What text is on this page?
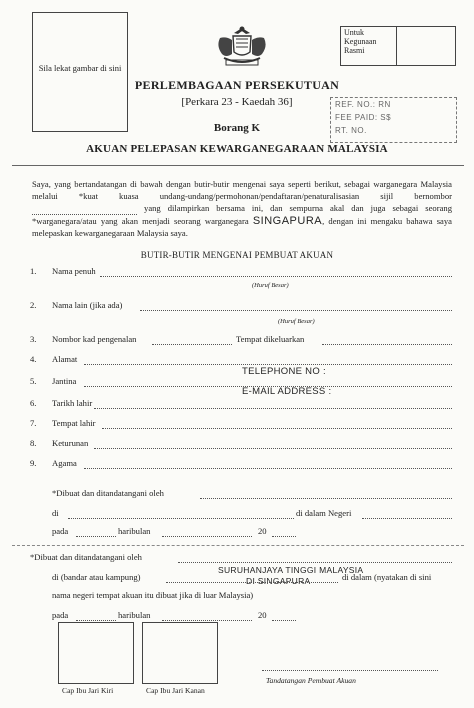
Sila lekat gambar di sini
Untuk Kegunaan Rasmi
PERLEMBAGAAN PERSEKUTUAN
[Perkara 23 - Kaedah 36]
Borang K
AKUAN PELEPASAN KEWARGANEGARAAN MALAYSIA
REF. NO.: RN
FEE PAID: S$
RT. NO.
Saya, yang bertandatangan di bawah dengan butir-butir mengenai saya seperti berikut, sebagai warganegara Malaysia melalui *kuat kuasa undang-undang/permohonan/pendaftaran/penaturalisasian sijil bernombor   yang dilampirkan bersama ini, dan sempurna akal dan juga sebagai seorang *warganegara/atau yang akan menjadi seorang warganegara SINGAPURA, dengan ini mengaku bahawa saya melepaskan kewarganegaraan Malaysia saya.
BUTIR-BUTIR MENGENAI PEMBUAT AKUAN
1. Nama penuh
(Huruf Besar)
2. Nama lain (jika ada)
(Huruf Besar)
3. Nombor kad pengenalan	Tempat dikeluarkan
4. Alamat
TELEPHONE NO :
5. Jantina
E-MAIL ADDRESS :
6. Tarikh lahir
7. Tempat lahir
8. Keturunan
9. Agama
*Dibuat dan ditandatangani oleh
di	di dalam Negeri
pada	haribulan	20
*Dibuat dan ditandatangani oleh
SURUHANJAYA TINGGI MALAYSIA
DI SINGAPURA
di (bandar atau kampung)	di dalam (nyatakan di sini
nama negeri tempat akuan itu dibuat jika di luar Malaysia)
pada	haribulan	20
Cap Ibu Jari Kiri	Cap Ibu Jari Kanan
Tandatangan Pembuat Akuan
